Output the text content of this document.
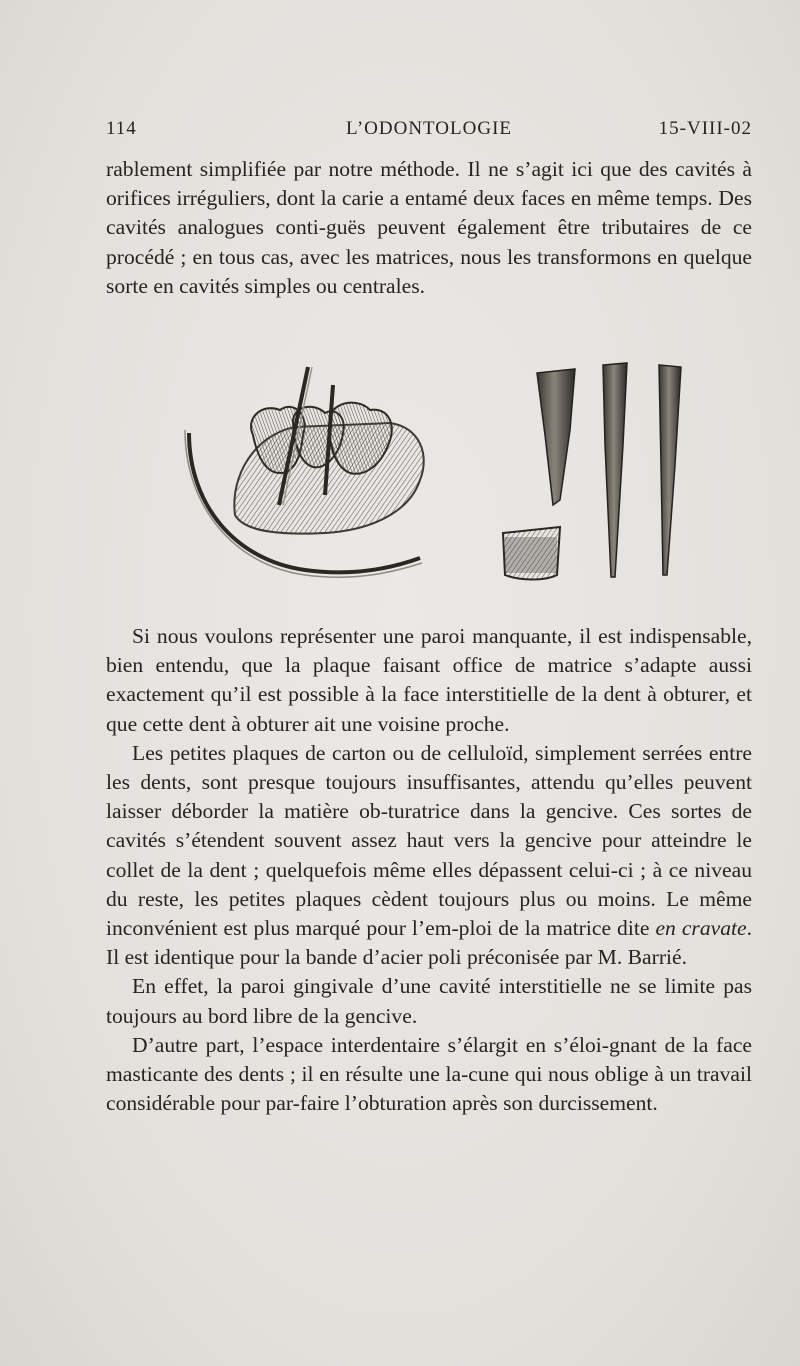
114	L’ODONTOLOGIE	15-VIII-02

rablement simplifiée par notre méthode. Il ne s’agit ici que des cavités à orifices irréguliers, dont la carie a entamé deux faces en même temps. Des cavités analogues conti-guës peuvent également être tributaires de ce procédé ; en tous cas, avec les matrices, nous les transformons en quelque sorte en cavités simples ou centrales.

Si nous voulons représenter une paroi manquante, il est indispensable, bien entendu, que la plaque faisant office de matrice s’adapte aussi exactement qu’il est possible à la face interstitielle de la dent à obturer, et que cette dent à obturer ait une voisine proche.

Les petites plaques de carton ou de celluloïd, simplement serrées entre les dents, sont presque toujours insuffisantes, attendu qu’elles peuvent laisser déborder la matière ob-turatrice dans la gencive. Ces sortes de cavités s’étendent souvent assez haut vers la gencive pour atteindre le collet de la dent ; quelquefois même elles dépassent celui-ci ; à ce niveau du reste, les petites plaques cèdent toujours plus ou moins. Le même inconvénient est plus marqué pour l’em-ploi de la matrice dite en cravate. Il est identique pour la bande d’acier poli préconisée par M. Barrié.

En effet, la paroi gingivale d’une cavité interstitielle ne se limite pas toujours au bord libre de la gencive.

D’autre part, l’espace interdentaire s’élargit en s’éloi-gnant de la face masticante des dents ; il en résulte une la-cune qui nous oblige à un travail considérable pour par-faire l’obturation après son durcissement.
